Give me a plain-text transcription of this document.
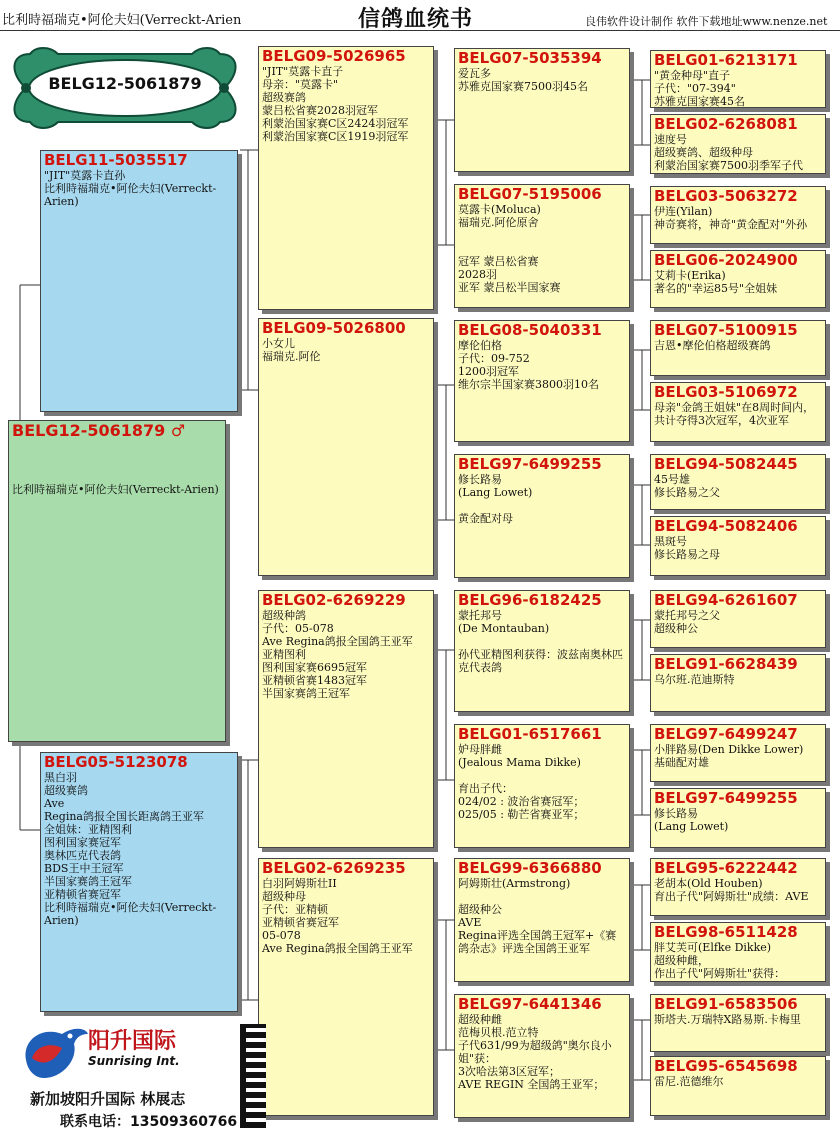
比利時福瑞克•阿伦夫妇(Verreckt-Arien	信鸽血统书	良伟软件设计制作 软件下载地址www.nenze.net
BELG12-5061879
BELG12-5061879 ♂
比利時福瑞克•阿伦夫妇(Verreckt-Arien)
BELG11-5035517
"JIT"莫露卡直孙
比利時福瑞克•阿伦夫妇(Verreckt-Arien)
BELG05-5123078
黑白羽
超级赛鸽
Ave
Regina鸽报全国长距离鸽王亚军
全姐妹：亚精图利
图利国家赛冠军
奥林匹克代表鸽
BDS王中王冠军
半国家赛鸽王冠军
亚精顿省赛冠军
比利時福瑞克•阿伦夫妇(Verreckt-Arien)
BELG09-5026965
"JIT"莫露卡直子
母亲："莫露卡"
超级赛鸽
蒙吕松省赛2028羽冠军
利蒙治国家赛C区2424羽冠军
利蒙治国家赛C区1919羽冠军
BELG09-5026800
小女儿
福瑞克.阿伦
BELG02-6269229
超级种鸽
子代：05-078
Ave Regina鸽报全国鸽王亚军
亚精图利
图利国家赛6695冠军
亚精顿省赛1483冠军
半国家赛鸽王冠军
BELG02-6269235
白羽阿姆斯壮II
超级种母
子代：亚精顿
亚精顿省赛冠军
05-078
Ave Regina鸽报全国鸽王亚军
BELG07-5035394
爱瓦多
苏雅克国家赛7500羽45名
BELG07-5195006
莫露卡(Moluca)
福瑞克.阿伦原舍

冠军 蒙吕松省赛
2028羽
亚军 蒙吕松半国家赛
BELG08-5040331
摩伦伯格
子代：09-752
1200羽冠军
维尔宗半国家赛3800羽10名
BELG97-6499255
修长路易
(Lang Lowet)

黄金配对母
BELG96-6182425
蒙托邦号
(De Montauban)

孙代亚精图利获得：波兹南奥林匹克代表鸽
BELG01-6517661
妒母胖雌
(Jealous Mama Dikke)

育出子代：
024/02 : 波治省赛冠军；
025/05 : 勒芒省赛亚军；
BELG99-6366880
阿姆斯壮(Armstrong)

超级种公
AVE
Regina评选全国鸽王冠军+《赛鸽杂志》评选全国鸽王亚军
BELG97-6441346
超级种雌
范梅贝根.范立特
子代631/99为超级鸽"奥尔良小姐"获：
3次哈法第3区冠军；
AVE REGIN 全国鸽王亚军；
BELG01-6213171
"黄金种母"直子
子代："07-394"
苏雅克国家赛45名
BELG02-6268081
速度号
超级赛鸽、超级种母
利蒙治国家赛7500羽季军子代
BELG03-5063272
伊连(Yilan)
神奇赛将，神奇"黄金配对"外孙
BELG06-2024900
艾莉卡(Erika)
著名的"幸运85号"全姐妹
BELG07-5100915
吉恩•摩伦伯格超级赛鸽
BELG03-5106972
母亲"金鸽王姐妹"在8周时间内，共计夺得3次冠军，4次亚军
BELG94-5082445
45号雄
修长路易之父
BELG94-5082406
黑斑号
修长路易之母
BELG94-6261607
蒙托邦号之父
超级种公
BELG91-6628439
乌尔班.范迪斯特
BELG97-6499247
小胖路易(Den Dikke Lower)
基础配对雄
BELG97-6499255
修长路易
(Lang Lowet)
BELG95-6222442
老胡本(Old Houben)
育出子代"阿姆斯壮"成绩：AVE
BELG98-6511428
胖艾芙可(Elfke Dikke)
超级种雌，
作出子代"阿姆斯壮"获得：
BELG91-6583506
斯塔夫.万瑞特X路易斯.卡梅里
BELG95-6545698
雷尼.范德维尔
阳升国际
Sunrising Int.
新加坡阳升国际 林展志
联系电话：13509360766
